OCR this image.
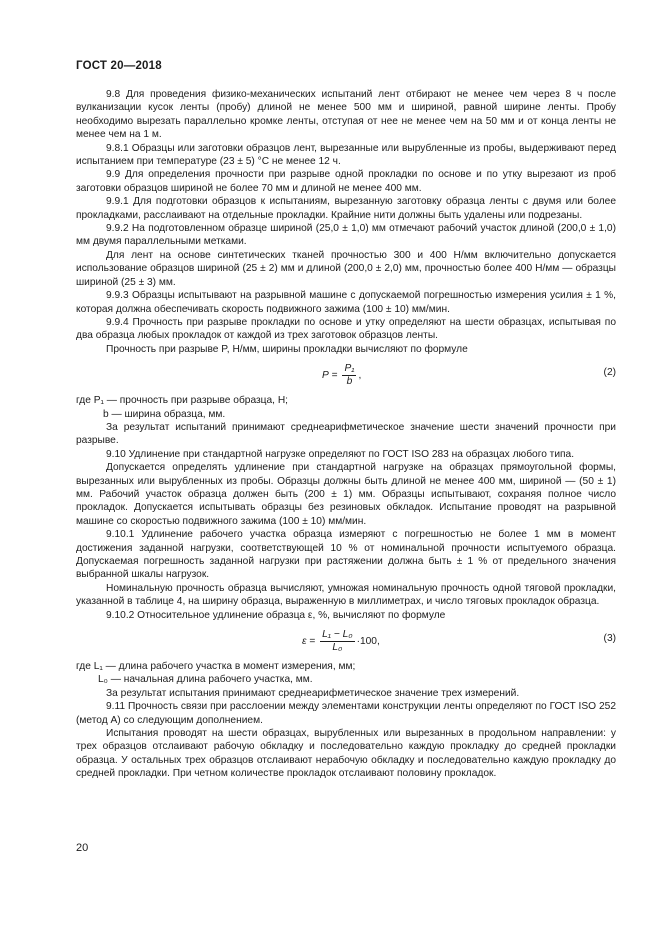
ГОСТ 20—2018

9.8 Для проведения физико-механических испытаний лент отбирают не менее чем через 8 ч после вулканизации кусок ленты (пробу) длиной не менее 500 мм и шириной, равной ширине ленты. Пробу необходимо вырезать параллельно кромке ленты, отступая от нее не менее чем на 50 мм и от конца ленты не менее чем на 1 м.

9.8.1 Образцы или заготовки образцов лент, вырезанные или вырубленные из пробы, выдерживают перед испытанием при температуре (23 ± 5) °С не менее 12 ч.

9.9 Для определения прочности при разрыве одной прокладки по основе и по утку вырезают из проб заготовки образцов шириной не более 70 мм и длиной не менее 400 мм.

9.9.1 Для подготовки образцов к испытаниям, вырезанную заготовку образца ленты с двумя или более прокладками, расслаивают на отдельные прокладки. Крайние нити должны быть удалены или подрезаны.

9.9.2 На подготовленном образце шириной (25,0 ± 1,0) мм отмечают рабочий участок длиной (200,0 ± 1,0) мм двумя параллельными метками.

Для лент на основе синтетических тканей прочностью 300 и 400 Н/мм включительно допускается использование образцов шириной (25 ± 2) мм и длиной (200,0 ± 2,0) мм, прочностью более 400 Н/мм — образцы шириной (25 ± 3) мм.

9.9.3 Образцы испытывают на разрывной машине с допускаемой погрешностью измерения усилия ± 1 %, которая должна обеспечивать скорость подвижного зажима (100 ± 10) мм/мин.

9.9.4 Прочность при разрыве прокладки по основе и утку определяют на шести образцах, испытывая по два образца любых прокладок от каждой из трех заготовок образцов ленты.

Прочность при разрыве P, Н/мм, ширины прокладки вычисляют по формуле

$P = \frac{\text{P₁}}{b}$ ,	(2)
где P₁ — прочность при разрыве образца, Н;
b — ширина образца, мм.

За результат испытаний принимают среднеарифметическое значение шести значений прочности при разрыве.

9.10 Удлинение при стандартной нагрузке определяют по ГОСТ ISO 283 на образцах любого типа.

Допускается определять удлинение при стандартной нагрузке на образцах прямоугольной формы, вырезанных или вырубленных из пробы. Образцы должны быть длиной не менее 400 мм, шириной — (50 ± 1) мм. Рабочий участок образца должен быть (200 ± 1) мм. Образцы испытывают, сохраняя полное число прокладок. Допускается испытывать образцы без резиновых обкладок. Испытание проводят на разрывной машине со скоростью подвижного зажима (100 ± 10) мм/мин.

9.10.1 Удлинение рабочего участка образца измеряют с погрешностью не более 1 мм в момент достижения заданной нагрузки, соответствующей 10 % от номинальной прочности испытуемого образца. Допускаемая погрешность заданной нагрузки при растяжении должна быть ± 1 % от предельного значения выбранной шкалы нагрузок.

Номинальную прочность образца вычисляют, умножая номинальную прочность одной тяговой прокладки, указанной в таблице 4, на ширину образца, выраженную в миллиметрах, и число тяговых прокладок образца.

9.10.2 Относительное удлинение образца ε, %, вычисляют по формуле

$\varepsilon = \frac{\text{L₁ − L₀}}{\text{L₀}} \cdot 100$,	(3)
где L₁ — длина рабочего участка в момент измерения, мм;
L₀ — начальная длина рабочего участка, мм.

За результат испытания принимают среднеарифметическое значение трех измерений.

9.11 Прочность связи при расслоении между элементами конструкции ленты определяют по ГОСТ ISO 252 (метод А) со следующим дополнением.

Испытания проводят на шести образцах, вырубленных или вырезанных в продольном направлении: у трех образцов отслаивают рабочую обкладку и последовательно каждую прокладку до средней прокладки образца. У остальных трех образцов отслаивают нерабочую обкладку и последовательно каждую прокладку до средней прокладки. При четном количестве прокладок отслаивают половину прокладок.

20
